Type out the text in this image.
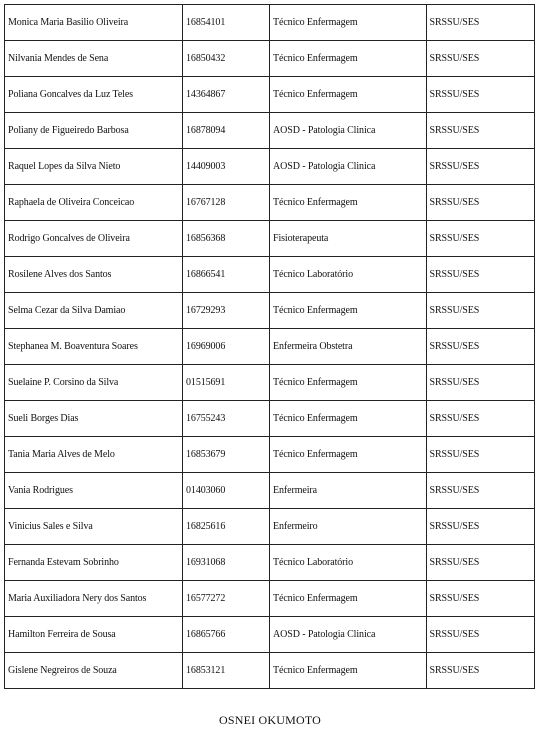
Monica Maria Basilio Oliveira	16854101	Técnico Enfermagem	SRSSU/SES
Nilvania Mendes de Sena	16850432	Técnico Enfermagem	SRSSU/SES
Poliana Goncalves da Luz Teles	14364867	Técnico Enfermagem	SRSSU/SES
Poliany de Figueiredo Barbosa	16878094	AOSD - Patologia Clinica	SRSSU/SES
Raquel Lopes da Silva Nieto	14409003	AOSD - Patologia Clinica	SRSSU/SES
Raphaela de Oliveira Conceicao	16767128	Técnico Enfermagem	SRSSU/SES
Rodrigo Goncalves de Oliveira	16856368	Fisioterapeuta	SRSSU/SES
Rosilene Alves dos Santos	16866541	Técnico Laboratório	SRSSU/SES
Selma Cezar da Silva Damiao	16729293	Técnico Enfermagem	SRSSU/SES
Stephanea M. Boaventura Soares	16969006	Enfermeira Obstetra	SRSSU/SES
Suelaine P. Corsino da Silva	01515691	Técnico Enfermagem	SRSSU/SES
Sueli Borges Dias	16755243	Técnico Enfermagem	SRSSU/SES
Tania Maria Alves de Melo	16853679	Técnico Enfermagem	SRSSU/SES
Vania Rodrigues	01403060	Enfermeira	SRSSU/SES
Vinicius Sales e Silva	16825616	Enfermeiro	SRSSU/SES
Fernanda Estevam Sobrinho	16931068	Técnico Laboratório	SRSSU/SES
Maria Auxiliadora Nery dos Santos	16577272	Técnico Enfermagem	SRSSU/SES
Hamilton Ferreira de Sousa	16865766	AOSD - Patologia Clinica	SRSSU/SES
Gislene Negreiros de Souza	16853121	Técnico Enfermagem	SRSSU/SES
OSNEI OKUMOTO
